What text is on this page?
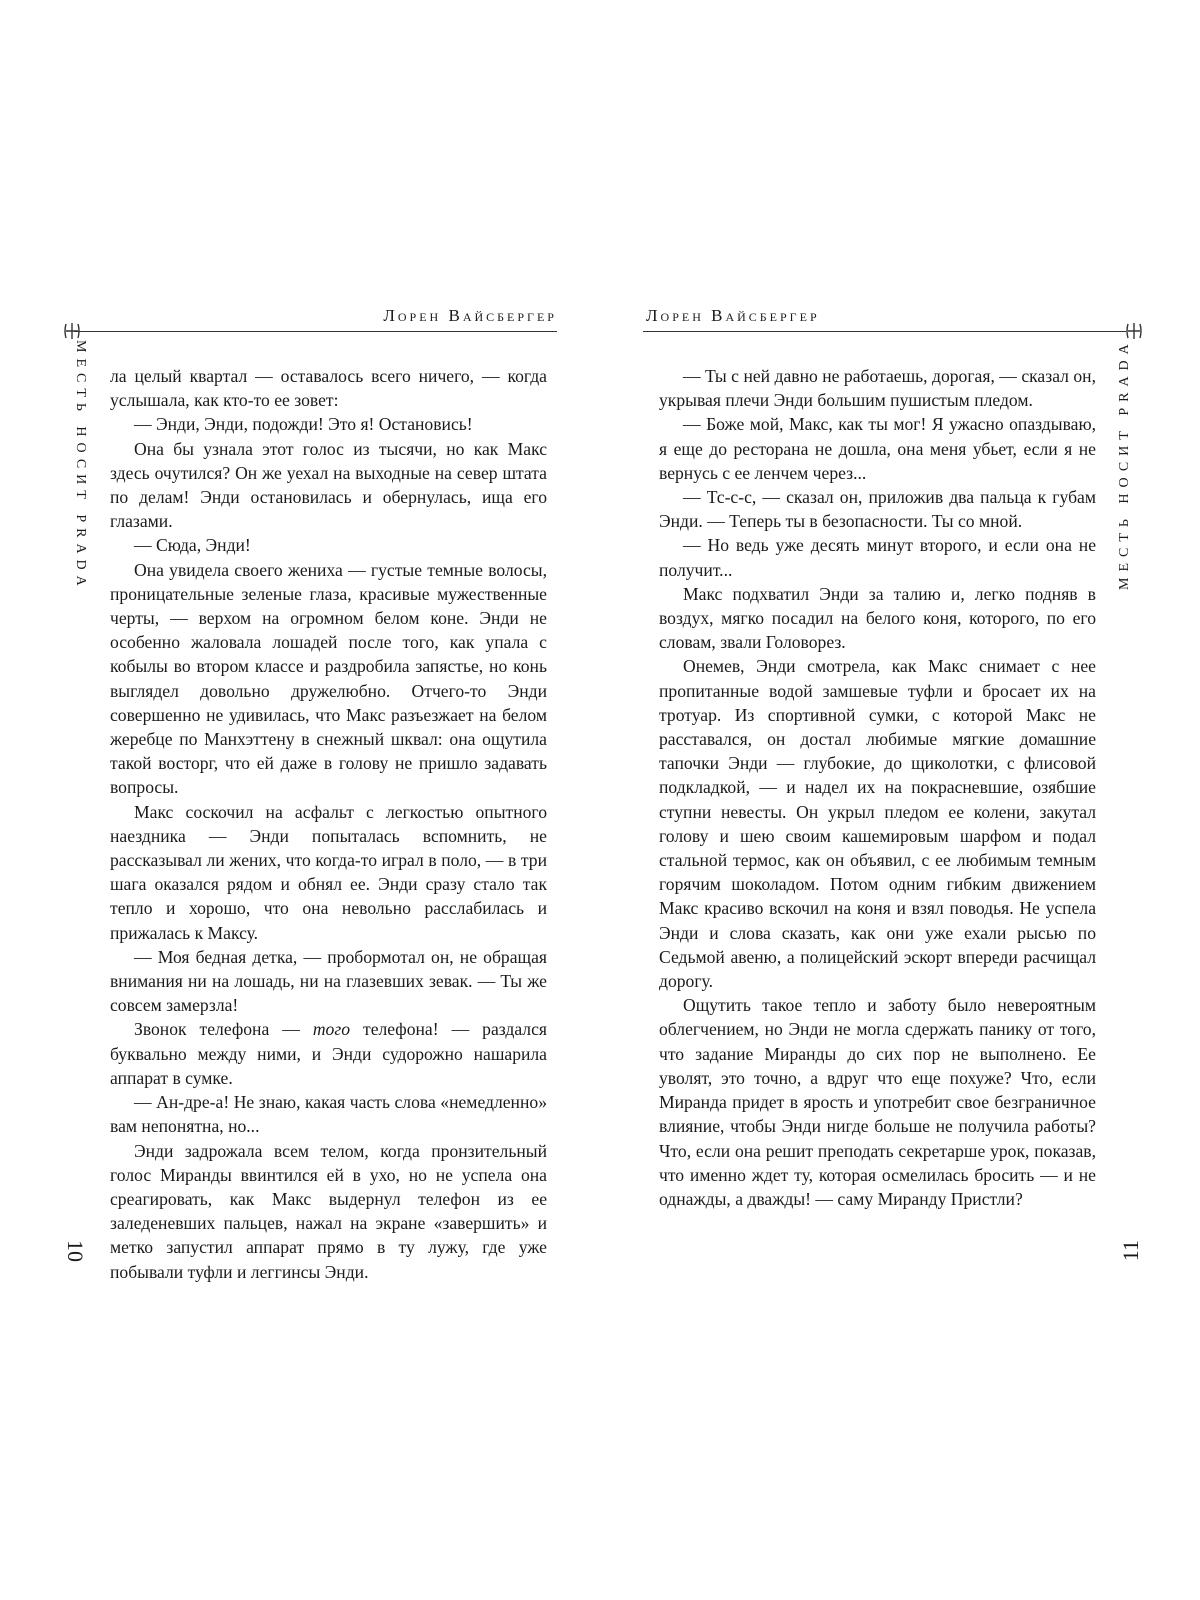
Лорен Вайсбергер
МЕСТЬ НОСИТ PRADA ла целый квартал — оставалось всего ничего, — когда услышала, как кто-то ее зовет:

— Энди, Энди, подожди! Это я! Остановись!

Она бы узнала этот голос из тысячи, но как Макс здесь очутился? Он же уехал на выходные на север штата по делам! Энди остановилась и обернулась, ища его глазами.

— Сюда, Энди!

Она увидела своего жениха — густые темные волосы, проницательные зеленые глаза, красивые мужественные черты, — верхом на огромном белом коне. Энди не особенно жаловала лошадей после того, как упала с кобылы во втором классе и раздробила запястье, но конь выглядел довольно дружелюбно. Отчего-то Энди совершенно не удивилась, что Макс разъезжает на белом жеребце по Манхэттену в снежный шквал: она ощутила такой восторг, что ей даже в голову не пришло задавать вопросы.

Макс соскочил на асфальт с легкостью опытного наездника — Энди попыталась вспомнить, не рассказывал ли жених, что когда-то играл в поло, — в три шага оказался рядом и обнял ее. Энди сразу стало так тепло и хорошо, что она невольно расслабилась и прижалась к Максу.

— Моя бедная детка, — пробормотал он, не обращая внимания ни на лошадь, ни на глазевших зевак. — Ты же совсем замерзла!

Звонок телефона — того телефона! — раздался буквально между ними, и Энди судорожно нашарила аппарат в сумке.

— Ан-дре-а! Не знаю, какая часть слова «немедленно» вам непонятна, но...

Энди задрожала всем телом, когда пронзительный голос Миранды ввинтился ей в ухо, но не успела она среагировать, как Макс выдернул телефон из ее заледеневших пальцев, нажал на экране «завершить» и метко запустил аппарат прямо в ту лужу, где уже побывали туфли и леггинсы Энди.

10
Лорен Вайсбергер
МЕСТЬ НОСИТ PRADA

— Ты с ней давно не работаешь, дорогая, — сказал он, укрывая плечи Энди большим пушистым пледом.

— Боже мой, Макс, как ты мог! Я ужасно опаздываю, я еще до ресторана не дошла, она меня убьет, если я не вернусь с ее ленчем через...

— Тс-с-с, — сказал он, приложив два пальца к губам Энди. — Теперь ты в безопасности. Ты со мной.

— Но ведь уже десять минут второго, и если она не получит...

Макс подхватил Энди за талию и, легко подняв в воздух, мягко посадил на белого коня, которого, по его словам, звали Головорез.

Онемев, Энди смотрела, как Макс снимает с нее пропитанные водой замшевые туфли и бросает их на тротуар. Из спортивной сумки, с которой Макс не расставался, он достал любимые мягкие домашние тапочки Энди — глубокие, до щиколотки, с флисовой подкладкой, — и надел их на покрасневшие, озябшие ступни невесты. Он укрыл пледом ее колени, закутал голову и шею своим кашемировым шарфом и подал стальной термос, как он объявил, с ее любимым темным горячим шоколадом. Потом одним гибким движением Макс красиво вскочил на коня и взял поводья. Не успела Энди и слова сказать, как они уже ехали рысью по Седьмой авеню, а полицейский эскорт впереди расчищал дорогу.

Ощутить такое тепло и заботу было невероятным облегчением, но Энди не могла сдержать панику от того, что задание Миранды до сих пор не выполнено. Ее уволят, это точно, а вдруг что еще похуже? Что, если Миранда придет в ярость и употребит свое безграничное влияние, чтобы Энди нигде больше не получила работы? Что, если она решит преподать секретарше урок, показав, что именно ждет ту, которая осмелилась бросить — и не однажды, а дважды! — саму Миранду Пристли?

11
